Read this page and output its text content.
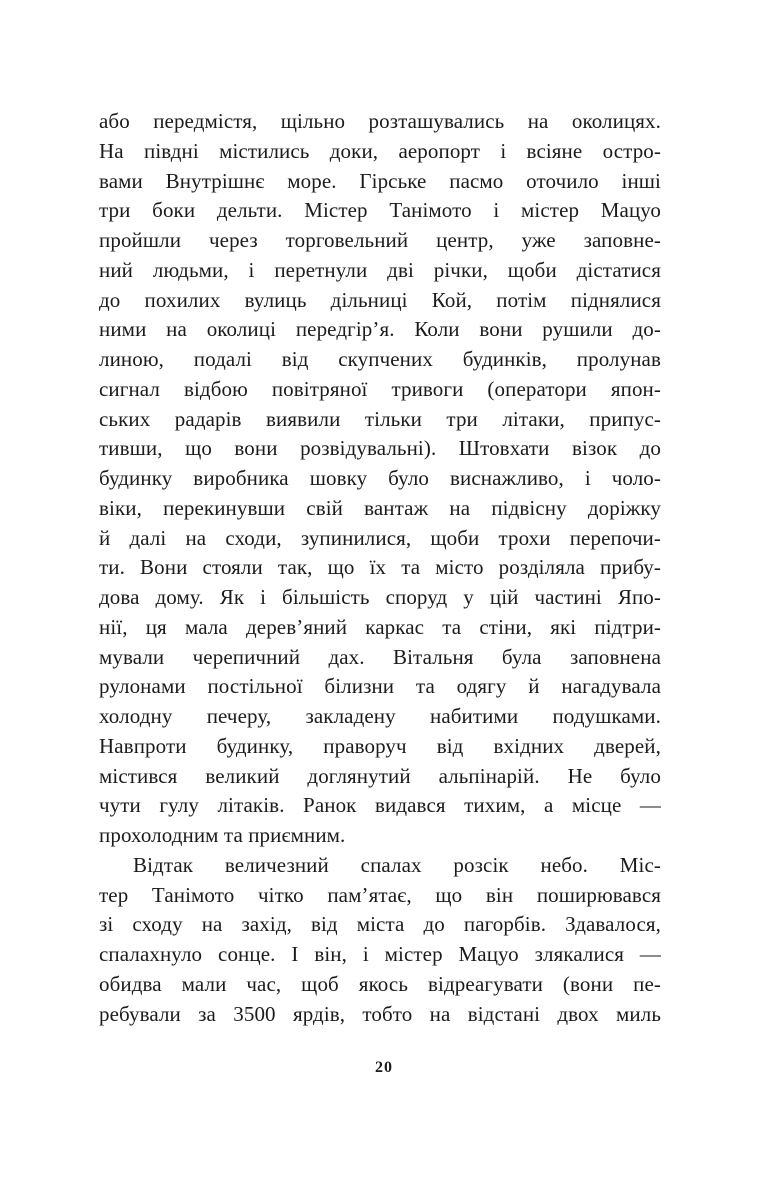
або передмістя, щільно розташувались на околицях.
На півдні містились доки, аеропорт і всіяне остро-
вами Внутрішнє море. Гірське пасмо оточило інші
три боки дельти. Містер Танімото і містер Мацуо
пройшли через торговельний центр, уже заповне-
ний людьми, і перетнули дві річки, щоби дістатися
до похилих вулиць дільниці Кой, потім піднялися
ними на околиці передгір’я. Коли вони рушили до-
линою, подалі від скупчених будинків, пролунав
сигнал відбою повітряної тривоги (оператори япон-
ських радарів виявили тільки три літаки, припус-
тивши, що вони розвідувальні). Штовхати візок до
будинку виробника шовку було виснажливо, і чоло-
віки, перекинувши свій вантаж на підвісну доріжку
й далі на сходи, зупинилися, щоби трохи перепочи-
ти. Вони стояли так, що їх та місто розділяла прибу-
дова дому. Як і більшість споруд у цій частині Япо-
нії, ця мала дерев’яний каркас та стіни, які підтри-
мували черепичний дах. Вітальня була заповнена
рулонами постільної білизни та одягу й нагадувала
холодну печеру, закладену набитими подушками.
Навпроти будинку, праворуч від вхідних дверей,
містився великий доглянутий альпінарій. Не було
чути гулу літаків. Ранок видався тихим, а місце —
прохолодним та приємним.
Відтак величезний спалах розсік небо. Міс-
тер Танімото чітко пам’ятає, що він поширювався
зі сходу на захід, від міста до пагорбів. Здавалося,
спалахнуло сонце. І він, і містер Мацуо злякалися —
обидва мали час, щоб якось відреагувати (вони пе-
ребували за 3500 ярдів, тобто на відстані двох миль
20
